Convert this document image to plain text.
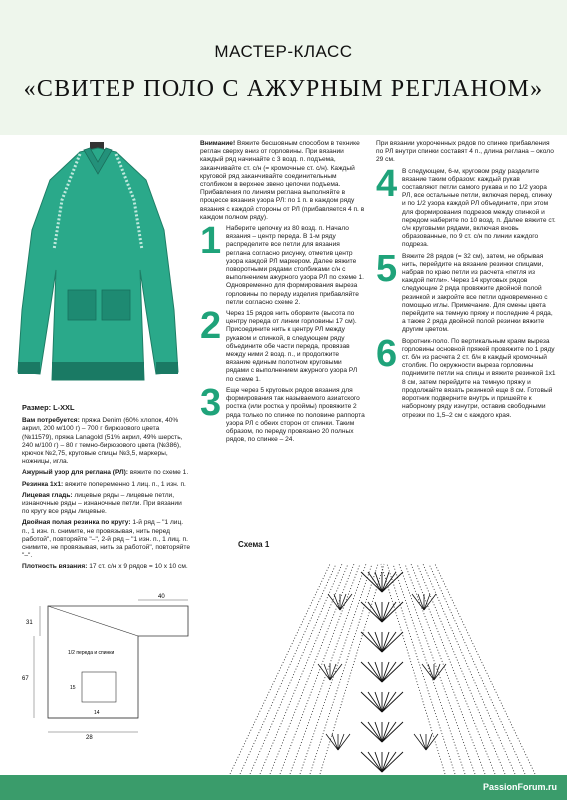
МАСТЕР-КЛАСС
«СВИТЕР ПОЛО С АЖУРНЫМ РЕГЛАНОМ»
Размер: L-XXL

Вам потребуется: пряжа Denim (60% хлопок, 40% акрил, 200 м/100 г) – 700 г бирюзового цвета (№11579), пряжа Lanagold (51% акрил, 49% шерсть, 240 м/100 г) – 80 г темно-бирюзового цвета (№386), крючок №2,75, круговые спицы №3,5, маркеры, ножницы, игла.

Ажурный узор для реглана (РЛ): вяжите по схеме 1.

Резинка 1х1: вяжите попеременно 1 лиц. п., 1 изн. п.

Лицевая гладь: лицевые ряды – лицевые петли, изнаночные ряды – изнаночные петли. При вязании по кругу все ряды лицевые.

Двойная полая резинка по кругу: 1-й ряд – "1 лиц. п., 1 изн. п. снимите, не провязывая, нить перед работой", повторяйте "–", 2-й ряд – "1 изн. п., 1 лиц. п. снимите, не провязывая, нить за работой", повторяйте "–".

Плотность вязания: 17 ст. с/н х 9 рядов = 10 х 10 см.

40
31
67
28
1/2 переда и спинки
15
14

Внимание! Вяжите бесшовным способом в технике реглан сверху вниз от горловины. При вязании каждый ряд начинайте с 3 возд. п. подъема, заканчивайте ст. с/н (= кромочные ст. с/н). Каждый круговой ряд заканчивайте соединительным столбиком в верхнее звено цепочки подъема. Прибавления по линиям реглана выполняйте в процессе вязания узора РЛ: по 1 п. в каждом ряду вязания с каждой стороны от РЛ (прибавляется 4 п. в каждом полном ряду).

1 Наберите цепочку из 80 возд. п. Начало вязания – центр переда. В 1-м ряду распределите все петли для вязания реглана согласно рисунку, отметив центр узора каждой РЛ маркером. Далее вяжите поворотными рядами столбиками с/н с выполнением ажурного узора РЛ по схеме 1. Одновременно для формирования выреза горловины по переду изделия прибавляйте петли согласно схеме 2.

2 Через 15 рядов нить оборвите (высота по центру переда от линии горловины 17 см). Присоедините нить к центру РЛ между рукавом и спинкой, в следующем ряду объедините обе части переда, провязав между ними 2 возд. п., и продолжите вязание единым полотном круговыми рядами с выполнением ажурного узора РЛ по схеме 1.

3 Еще через 5 круговых рядов вязания для формирования так называемого азиатского ростка (или ростка у проймы) провяжите 2 ряда только по спинке по половине раппорта узора РЛ с обеих сторон от спинки. Таким образом, по переду провязано 20 полных рядов, по спинке – 24.

При вязании укороченных рядов по спинке прибавления по РЛ внутри спинки составят 4 п., длина реглана – около 29 см.

4 В следующем, 6-м, круговом ряду разделите вязание таким образом: каждый рукав составляют петли самого рукава и по 1/2 узора РЛ, все остальные петли, включая перед, спинку и по 1/2 узора каждой РЛ объедините, при этом для формирования подрезов между спинкой и передом наберите по 10 возд. п. Далее вяжите ст. с/н круговыми рядами, включая вновь образованные, по 9 ст. с/н по линии каждого подреза.

5 Вяжите 28 рядов (= 32 см), затем, не обрывая нить, перейдите на вязание резинки спицами, набрав по краю петли из расчета «петля из каждой петли». Через 14 круговых рядов следующие 2 ряда провяжите двойной полой резинкой и закройте все петли одновременно с помощью иглы. Примечание. Для смены цвета перейдите на темную пряжу и последние 4 ряда, а также 2 ряда двойной полой резинки вяжите другим цветом.

6 Воротник-поло. По вертикальным краям выреза горловины основной пряжей провяжите по 1 ряду ст. б/н из расчета 2 ст. б/н в каждый кромочный столбик. По окружности выреза горловины поднимите петли на спицы и вяжите резинкой 1х1 8 см, затем перейдите на темную пряжу и продолжайте вязать резинкой еще 8 см. Готовый воротник подверните внутрь и пришейте к наборному ряду изнутри, оставив свободными отрезки по 1,5–2 см с каждого края.

Схема 1
PassionForum.ru
